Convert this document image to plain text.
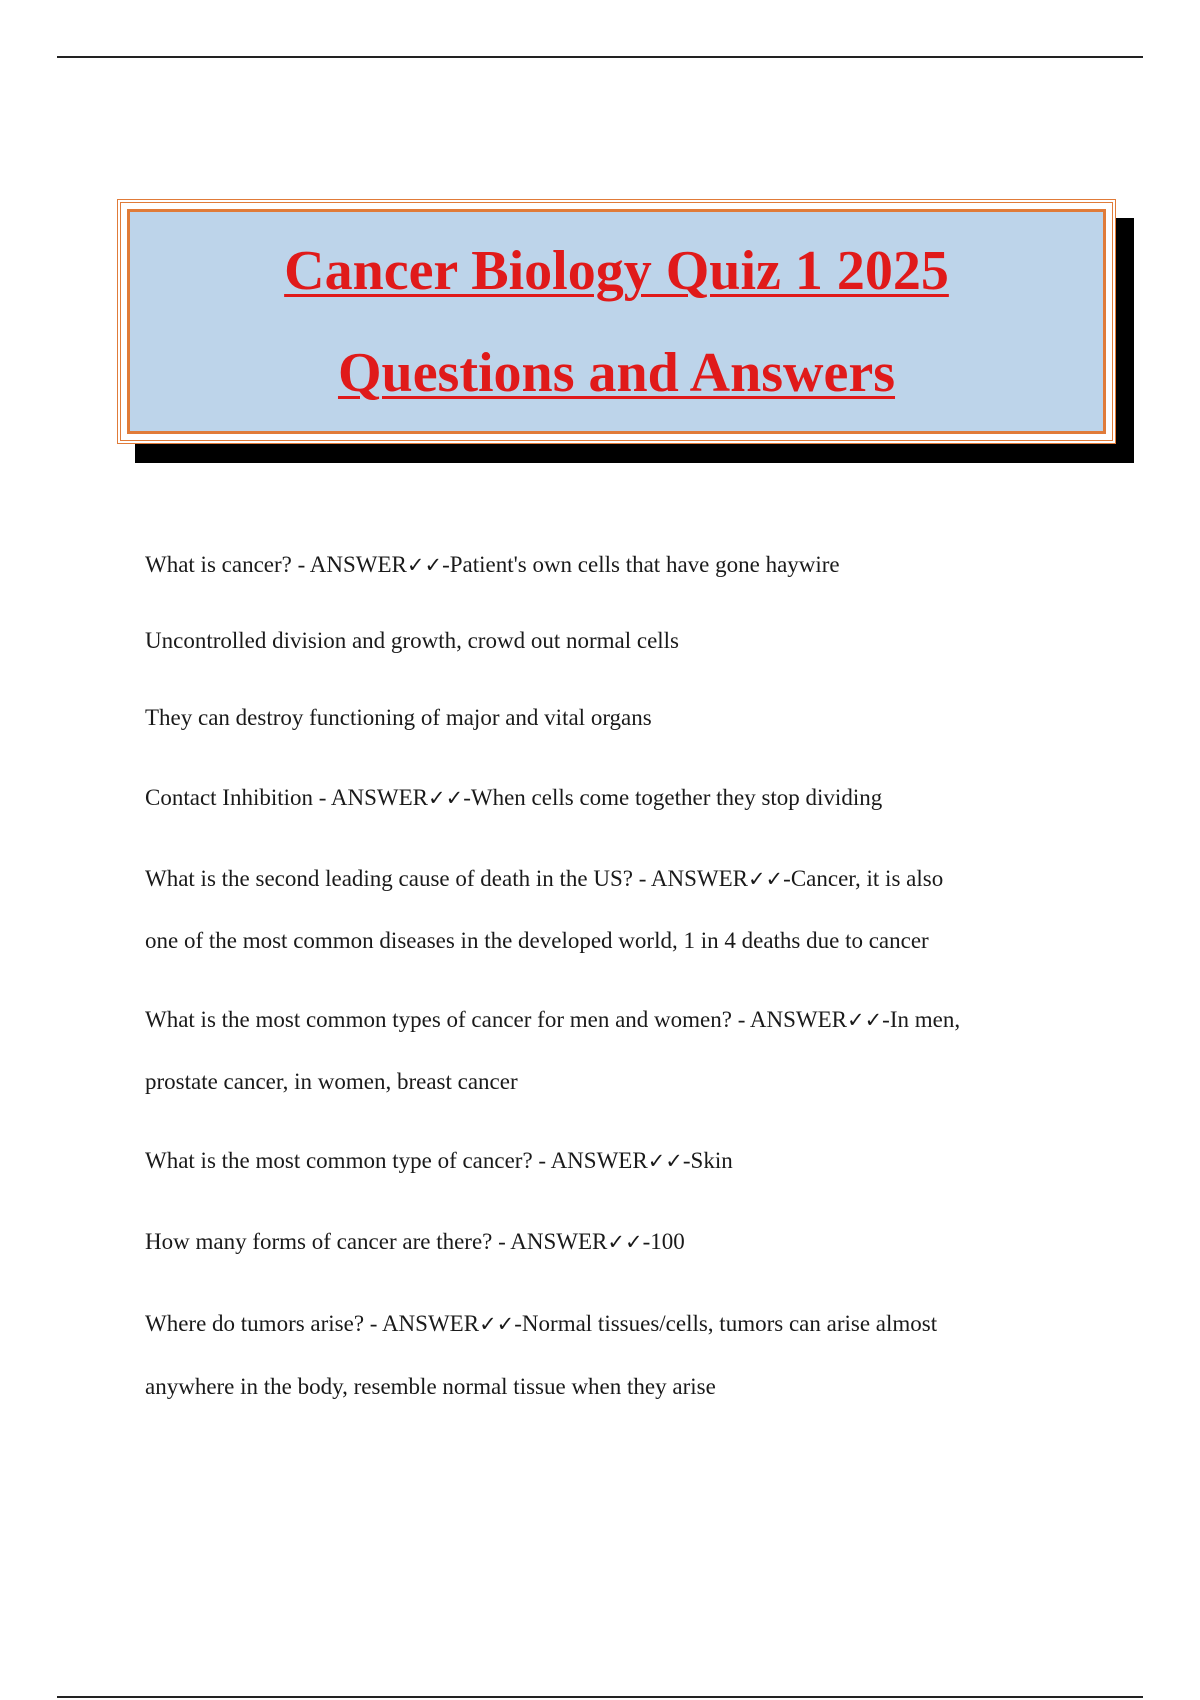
Cancer Biology Quiz 1 2025
Questions and Answers
What is cancer? - ANSWER✓✓-Patient's own cells that have gone haywire
Uncontrolled division and growth, crowd out normal cells
They can destroy functioning of major and vital organs
Contact Inhibition - ANSWER✓✓-When cells come together they stop dividing
What is the second leading cause of death in the US? - ANSWER✓✓-Cancer, it is also
one of the most common diseases in the developed world, 1 in 4 deaths due to cancer
What is the most common types of cancer for men and women? - ANSWER✓✓-In men,
prostate cancer, in women, breast cancer
What is the most common type of cancer? - ANSWER✓✓-Skin
How many forms of cancer are there? - ANSWER✓✓-100
Where do tumors arise? - ANSWER✓✓-Normal tissues/cells, tumors can arise almost
anywhere in the body, resemble normal tissue when they arise
